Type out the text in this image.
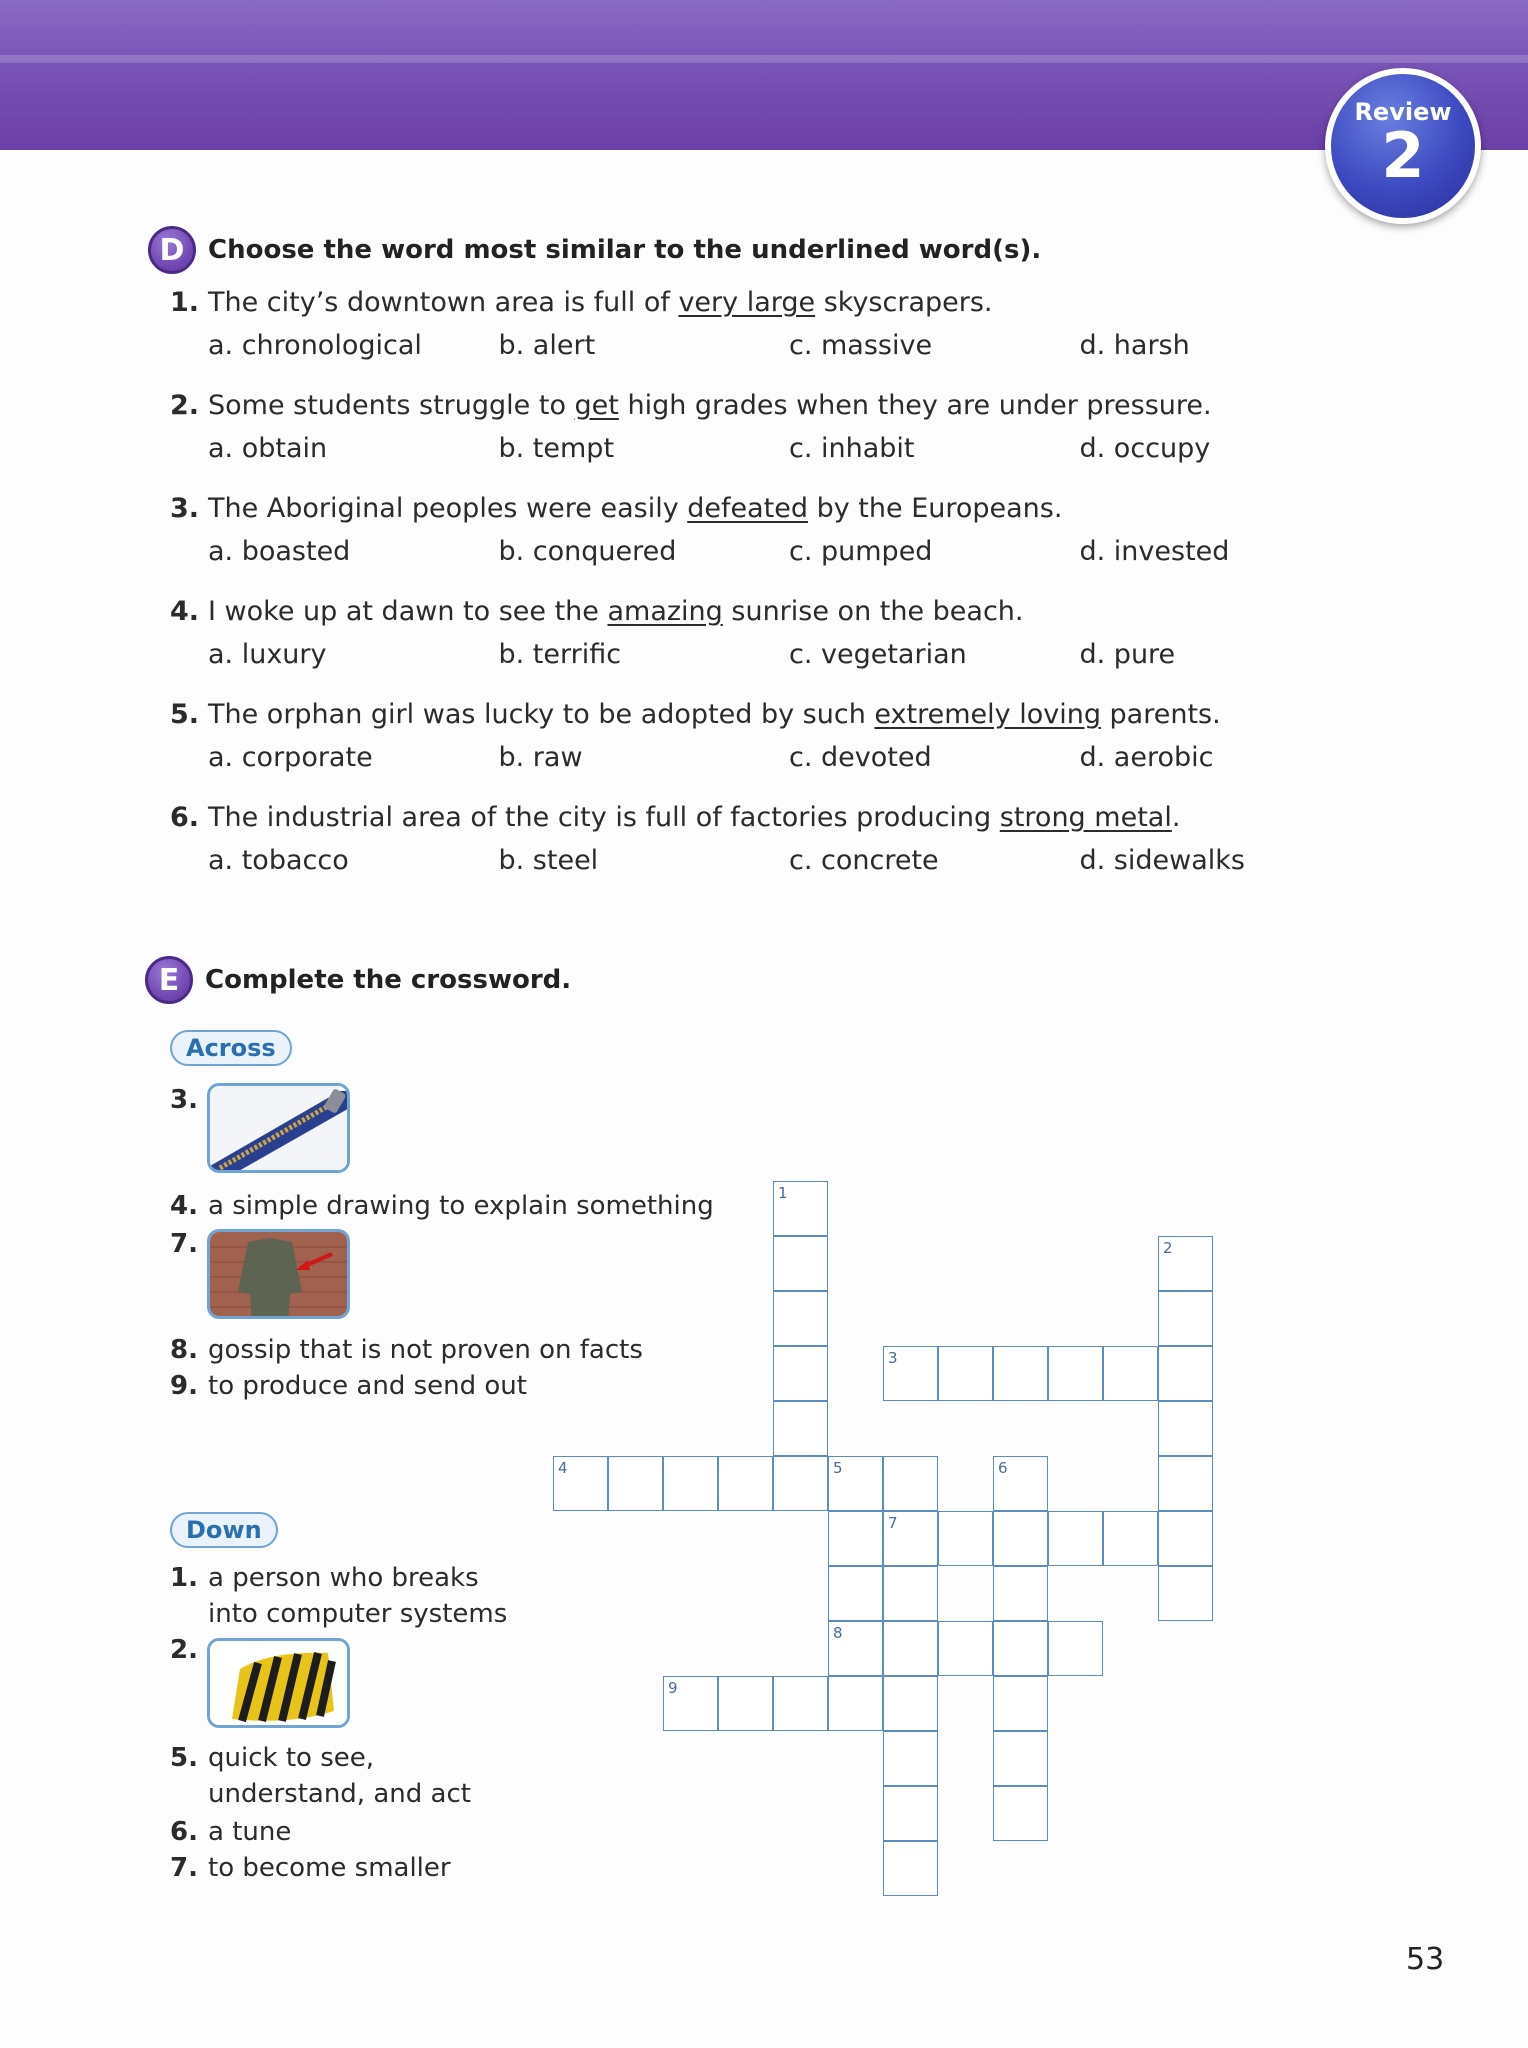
Review
2
D Choose the word most similar to the underlined word(s).
1. The city’s downtown area is full of very large skyscrapers.
a. chronological	b. alert	c. massive	d. harsh
2. Some students struggle to get high grades when they are under pressure.
a. obtain	b. tempt	c. inhabit	d. occupy
3. The Aboriginal peoples were easily defeated by the Europeans.
a. boasted	b. conquered	c. pumped	d. invested
4. I woke up at dawn to see the amazing sunrise on the beach.
a. luxury	b. terrific	c. vegetarian	d. pure
5. The orphan girl was lucky to be adopted by such extremely loving parents.
a. corporate	b. raw	c. devoted	d. aerobic
6. The industrial area of the city is full of factories producing strong metal.
a. tobacco	b. steel	c. concrete	d. sidewalks
E Complete the crossword.
Across
3.
4. a simple drawing to explain something
7.
8. gossip that is not proven on facts
9. to produce and send out
Down
1. a person who breaks
into computer systems
2.
5. quick to see,
understand, and act
6. a tune
7. to become smaller
1
2
3
4	5
8
6
7
9
53
